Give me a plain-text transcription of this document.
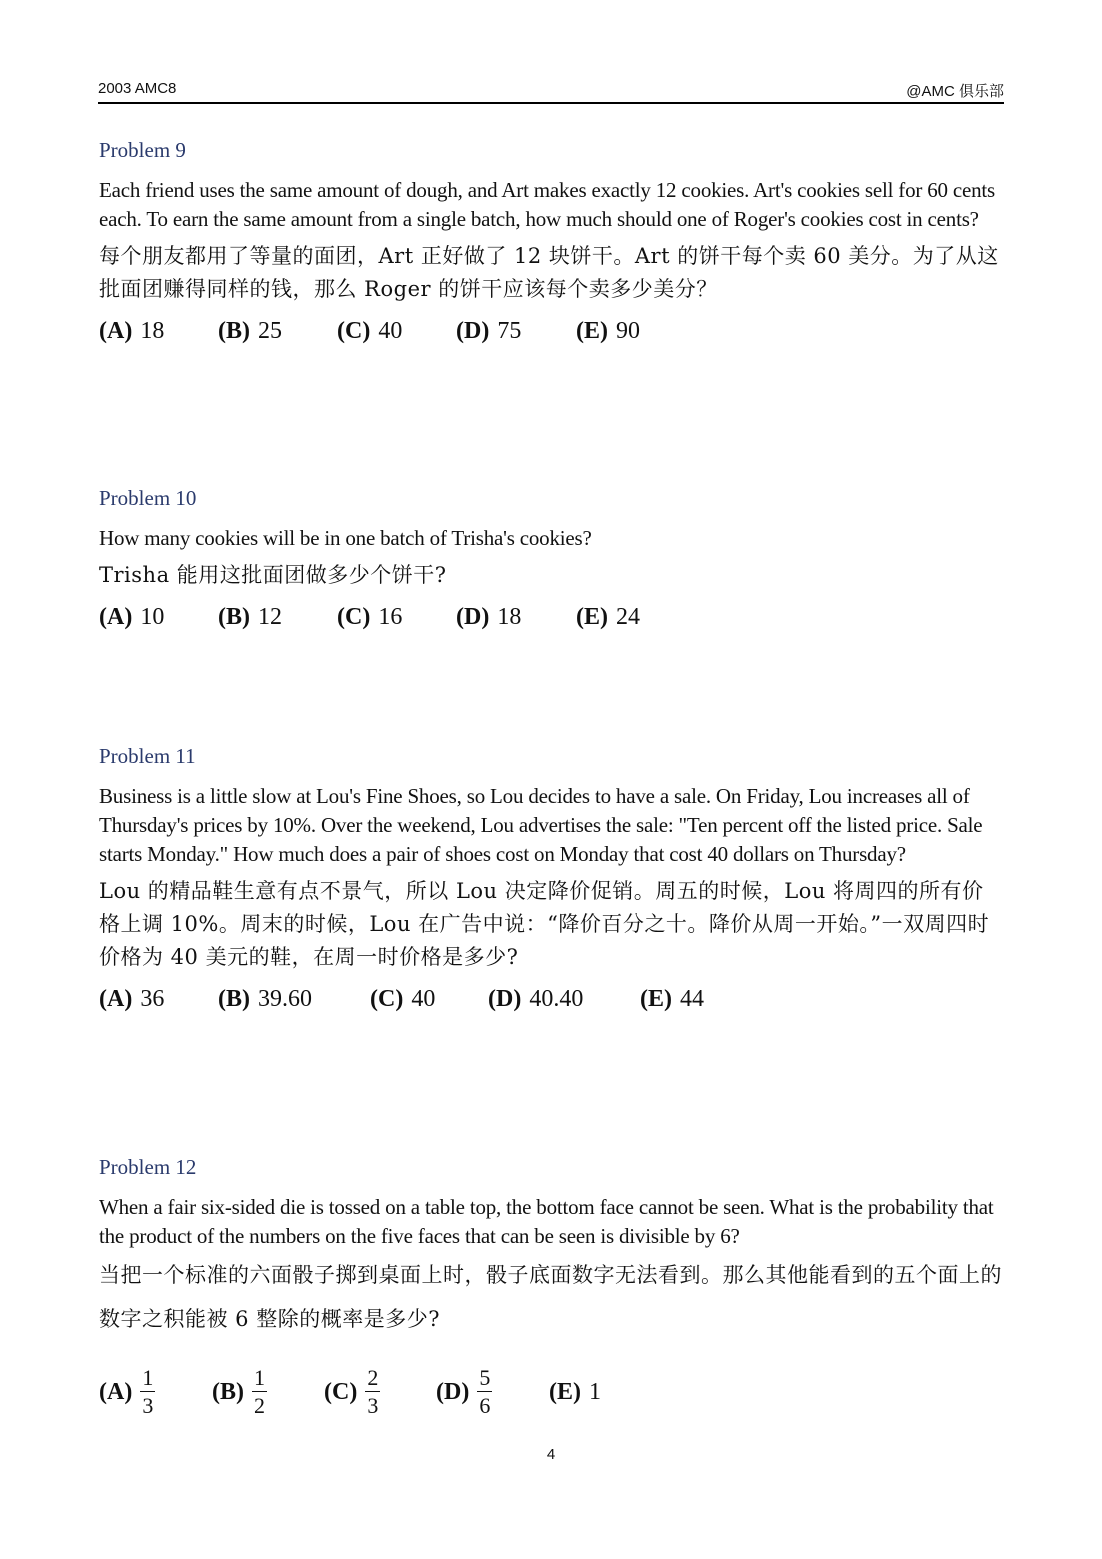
2003 AMC8	@AMC 俱乐部
Problem 9
Each friend uses the same amount of dough, and Art makes exactly 12 cookies. Art's cookies sell for 60 cents each. To earn the same amount from a single batch, how much should one of Roger's cookies cost in cents?
每个朋友都用了等量的面团，Art 正好做了 12 块饼干。Art 的饼干每个卖 60 美分。为了从这批面团赚得同样的钱，那么 Roger 的饼干应该每个卖多少美分？
(A) 18 (B) 25 (C) 40 (D) 75 (E) 90
Problem 10
How many cookies will be in one batch of Trisha's cookies?
Trisha 能用这批面团做多少个饼干?
(A) 10 (B) 12 (C) 16 (D) 18 (E) 24
Problem 11
Business is a little slow at Lou's Fine Shoes, so Lou decides to have a sale. On Friday, Lou increases all of Thursday's prices by 10%. Over the weekend, Lou advertises the sale: "Ten percent off the listed price. Sale starts Monday." How much does a pair of shoes cost on Monday that cost 40 dollars on Thursday?
Lou 的精品鞋生意有点不景气，所以 Lou 决定降价促销。周五的时候，Lou 将周四的所有价格上调 10%。周末的时候，Lou 在广告中说：“降价百分之十。降价从周一开始。”一双周四时价格为 40 美元的鞋，在周一时价格是多少?
(A) 36 (B) 39.60 (C) 40 (D) 40.40 (E) 44
Problem 12
When a fair six-sided die is tossed on a table top, the bottom face cannot be seen. What is the probability that the product of the numbers on the five faces that can be seen is divisible by 6?
当把一个标准的六面骰子掷到桌面上时，骰子底面数字无法看到。那么其他能看到的五个面上的数字之积能被 6 整除的概率是多少?
$(A) \frac{1}{3} (B) \frac{1}{2} (C) \frac{2}{3} (D) \frac{5}{6} (E)$ 1
4
